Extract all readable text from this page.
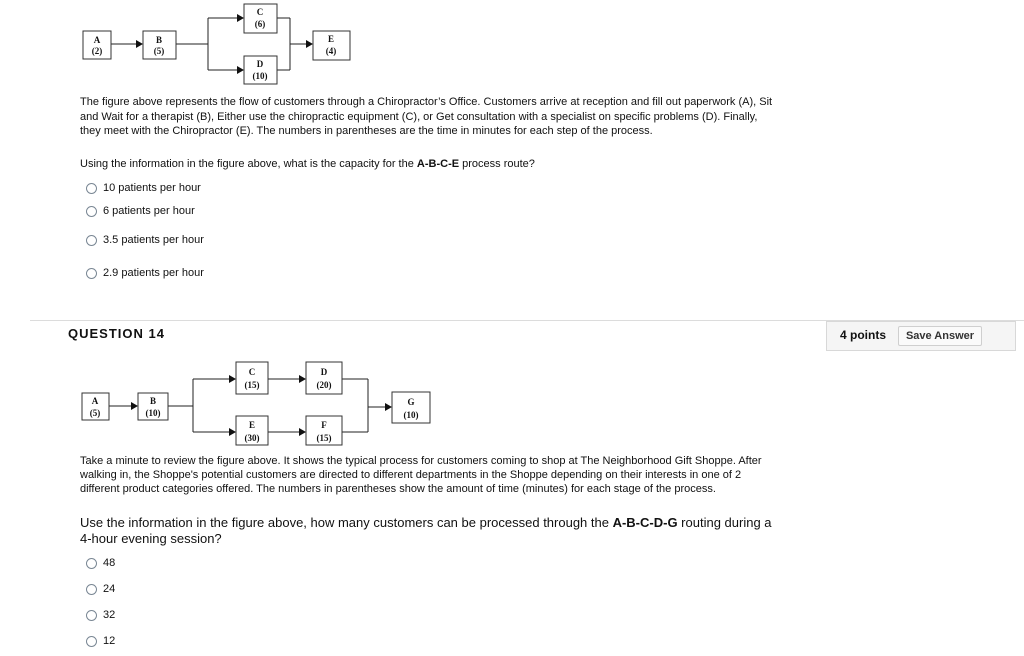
A
(2)
B
(5)
C
(6)
D
(10)
E
(4)

The figure above represents the flow of customers through a Chiropractor’s Office. Customers arrive at reception and fill out paperwork (A), Sit and Wait for a therapist (B), Either use the chiropractic equipment (C), or Get consultation with a specialist on specific problems (D). Finally, they meet with the Chiropractor (E). The numbers in parentheses are the time in minutes for each step of the process.

Using the information in the figure above, what is the capacity for the A-B-C-E process route?

10 patients per hour
6 patients per hour
3.5 patients per hour
2.9 patients per hour
QUESTION 14	4 points	Save Answer
A
(5)
B
(10)
C
(15)
D
(20)
E
(30)
F
(15)
G
(10)

Take a minute to review the figure above. It shows the typical process for customers coming to shop at The Neighborhood Gift Shoppe. After walking in, the Shoppe's potential customers are directed to different departments in the Shoppe depending on their interests in one of 2 different product categories offered. The numbers in parentheses show the amount of time (minutes) for each stage of the process.

Use the information in the figure above, how many customers can be processed through the A-B-C-D-G routing during a 4-hour evening session?

48
24
32
12
